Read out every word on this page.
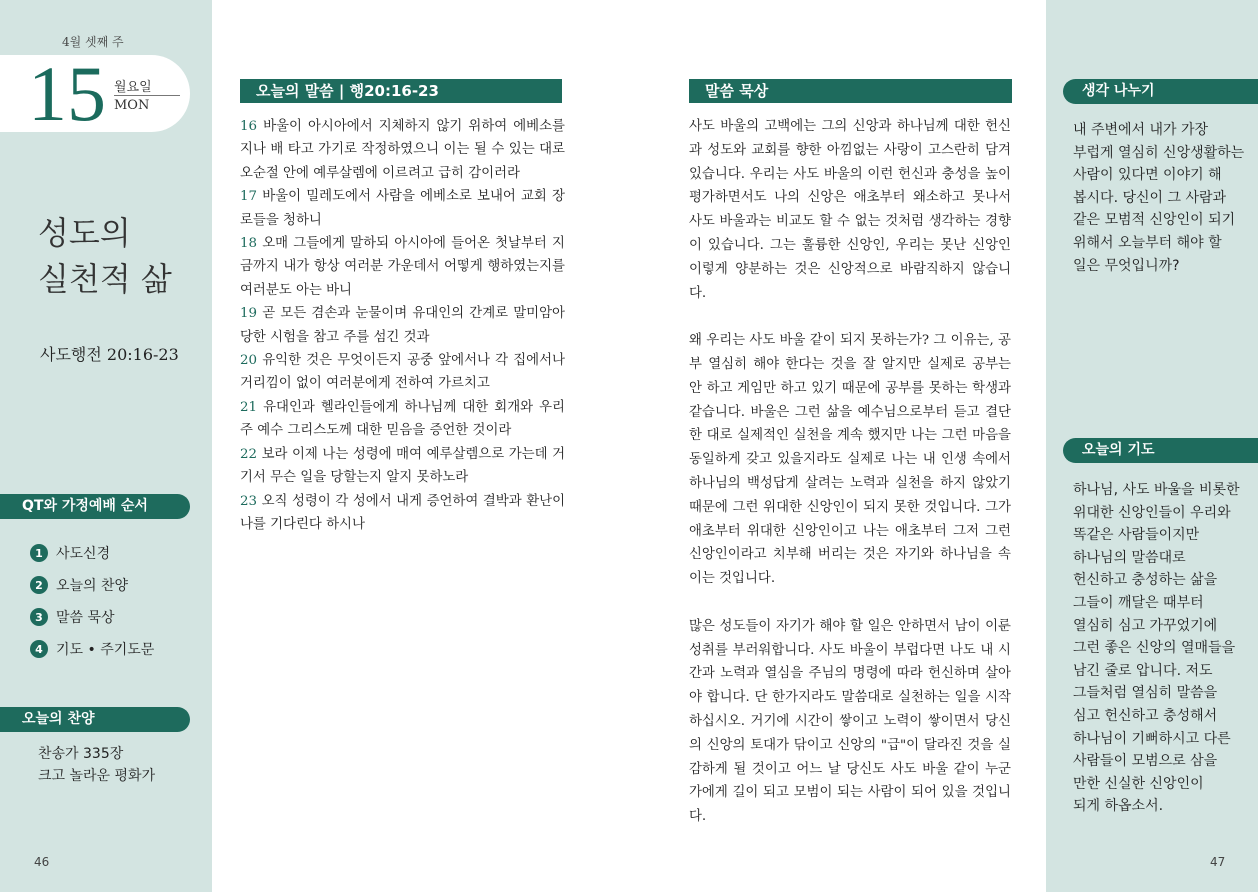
4월 셋째 주
15 월요일
MON
성도의
실천적 삶
사도행전 20:16-23
QT와 가정예배 순서
1 사도신경
2 오늘의 찬양
3 말씀 묵상
4 기도 • 주기도문
오늘의 찬양
찬송가 335장
크고 놀라운 평화가
46
오늘의 말씀 | 행20:16-23
16 바울이 아시아에서 지체하지 않기 위하여 에베소를 지나 배 타고 가기로 작정하였으니 이는 될 수 있는 대로 오순절 안에 예루살렘에 이르려고 급히 감이러라
17 바울이 밀레도에서 사람을 에베소로 보내어 교회 장로들을 청하니
18 오매 그들에게 말하되 아시아에 들어온 첫날부터 지금까지 내가 항상 여러분 가운데서 어떻게 행하였는지를 여러분도 아는 바니
19 곧 모든 겸손과 눈물이며 유대인의 간계로 말미암아 당한 시험을 참고 주를 섬긴 것과
20 유익한 것은 무엇이든지 공중 앞에서나 각 집에서나 거리낌이 없이 여러분에게 전하여 가르치고
21 유대인과 헬라인들에게 하나님께 대한 회개와 우리 주 예수 그리스도께 대한 믿음을 증언한 것이라
22 보라 이제 나는 성령에 매여 예루살렘으로 가는데 거기서 무슨 일을 당할는지 알지 못하노라
23 오직 성령이 각 성에서 내게 증언하여 결박과 환난이 나를 기다린다 하시나
말씀 묵상

사도 바울의 고백에는 그의 신앙과 하나님께 대한 헌신과 성도와 교회를 향한 아낌없는 사랑이 고스란히 담겨 있습니다. 우리는 사도 바울의 이런 헌신과 충성을 높이 평가하면서도 나의 신앙은 애초부터 왜소하고 못나서 사도 바울과는 비교도 할 수 없는 것처럼 생각하는 경향이 있습니다. 그는 훌륭한 신앙인, 우리는 못난 신앙인 이렇게 양분하는 것은 신앙적으로 바람직하지 않습니다.

왜 우리는 사도 바울 같이 되지 못하는가? 그 이유는, 공부 열심히 해야 한다는 것을 잘 알지만 실제로 공부는 안 하고 게임만 하고 있기 때문에 공부를 못하는 학생과 같습니다. 바울은 그런 삶을 예수님으로부터 듣고 결단한 대로 실제적인 실천을 계속 했지만 나는 그런 마음을 동일하게 갖고 있을지라도 실제로 나는 내 인생 속에서 하나님의 백성답게 살려는 노력과 실천을 하지 않았기 때문에 그런 위대한 신앙인이 되지 못한 것입니다. 그가 애초부터 위대한 신앙인이고 나는 애초부터 그저 그런 신앙인이라고 치부해 버리는 것은 자기와 하나님을 속이는 것입니다.

많은 성도들이 자기가 해야 할 일은 안하면서 남이 이룬 성취를 부러워합니다. 사도 바울이 부럽다면 나도 내 시간과 노력과 열심을 주님의 명령에 따라 헌신하며 살아야 합니다. 단 한가지라도 말씀대로 실천하는 일을 시작하십시오. 거기에 시간이 쌓이고 노력이 쌓이면서 당신의 신앙의 토대가 닦이고 신앙의 "급"이 달라진 것을 실감하게 될 것이고 어느 날 당신도 사도 바울 같이 누군가에게 길이 되고 모범이 되는 사람이 되어 있을 것입니다.

생각 나누기
내 주변에서 내가 가장
부럽게 열심히 신앙생활하는
사람이 있다면 이야기 해
봅시다. 당신이 그 사람과
같은 모범적 신앙인이 되기
위해서 오늘부터 해야 할
일은 무엇입니까?
오늘의 기도
하나님, 사도 바울을 비롯한
위대한 신앙인들이 우리와
똑같은 사람들이지만
하나님의 말씀대로
헌신하고 충성하는 삶을
그들이 깨달은 때부터
열심히 심고 가꾸었기에
그런 좋은 신앙의 열매들을
남긴 줄로 압니다. 저도
그들처럼 열심히 말씀을
심고 헌신하고 충성해서
하나님이 기뻐하시고 다른
사람들이 모범으로 삼을
만한 신실한 신앙인이
되게 하옵소서.
47
